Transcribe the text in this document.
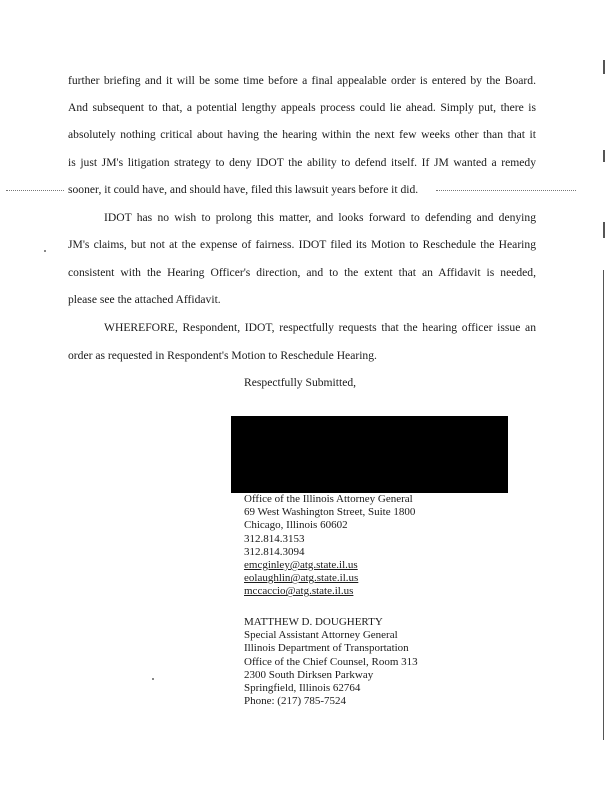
further briefing and it will be some time before a final appealable order is entered by the Board.
And subsequent to that, a potential lengthy appeals process could lie ahead. Simply put, there is
absolutely nothing critical about having the hearing within the next few weeks other than that it
is just JM's litigation strategy to deny IDOT the ability to defend itself. If JM wanted a remedy
sooner, it could have, and should have, filed this lawsuit years before it did.
IDOT has no wish to prolong this matter, and looks forward to defending and denying
JM's claims, but not at the expense of fairness. IDOT filed its Motion to Reschedule the Hearing
consistent with the Hearing Officer's direction, and to the extent that an Affidavit is needed,
please see the attached Affidavit.
WHEREFORE, Respondent, IDOT, respectfully requests that the hearing officer issue an
order as requested in Respondent's Motion to Reschedule Hearing.
Respectfully Submitted,
Office of the Illinois Attorney General
69 West Washington Street, Suite 1800
Chicago, Illinois 60602
312.814.3153
312.814.3094
emcginley@atg.state.il.us
eolaughlin@atg.state.il.us
mccaccio@atg.state.il.us
MATTHEW D. DOUGHERTY
Special Assistant Attorney General
Illinois Department of Transportation
Office of the Chief Counsel, Room 313
2300 South Dirksen Parkway
Springfield, Illinois 62764
Phone: (217) 785-7524
